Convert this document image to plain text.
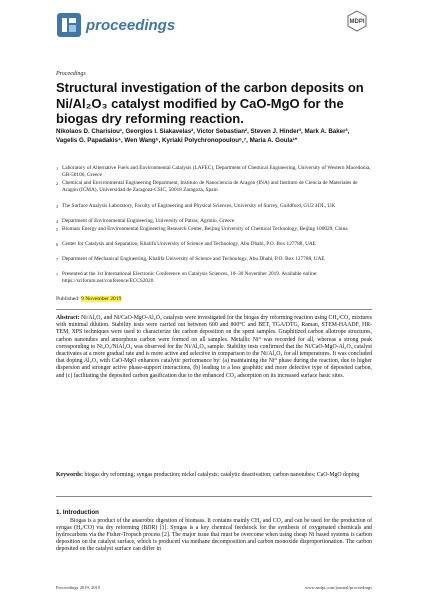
proceedings	MDPI
Proceedings
Structural investigation of the carbon deposits on Ni/Al₂O₃ catalyst modified by CaO-MgO for the biogas dry reforming reaction.
Nikolaos D. Charisiou¹, Georgios I. Siakavelas², Victor Sebastian², Steven J. Hinder³, Mark A. Baker³, Vagelis G. Papadakis⁴, Wen Wang⁵, Kyriaki Polychronopoulou⁶,⁷, Maria A. Goula¹*
1 Laboratory of Alternative Fuels and Environmental Catalysis (LAFEC), Department of Chemical Engineering, University of Western Macedonia, GR-50100, Greece
2 Chemical and Environmental Engineering Department, Instituto de Nanociencia de Aragón (INA) and Instituto de Ciencia de Materiales de Aragón (ICMA), Universidad de Zaragoza-CSIC, 50018 Zaragoza, Spain
3 The Surface Analysis Laboratory, Faculty of Engineering and Physical Sciences, University of Surrey, Guildford, GU2 4DL, UK
4 Department of Environmental Engineering, University of Patras, Agrinio, Greece
5 Biomass Energy and Environmental Engineering Research Center, Beijing University of Chemical Technology, Beijing 100029, China
6 Center for Catalysis and Separation, Khalifa University of Science and Technology, Abu Dhabi, P.O. Box 127788, UAE
7 Department of Mechanical Engineering, Khalifa University of Science and Technology, Abu Dhabi, P.O. Box 127788, UAE
† Presented at the 1st International Electronic Conference on Catalysis Sciences, 10–30 November 2019. Available online: https://sciforum.net/conference/ECCS2020
Published: 9 November 2019
Abstract: Ni/Al₂O₃ and Ni/CaO-MgO-Al₂O₃ catalysts were investigated for the biogas dry reforming reaction using CH₄/CO₂ mixtures with minimal dilution. Stability tests were carried out between 600 and 800°C and BET, TGA/DTG, Raman, STEM-HAADF, HR-TEM, XPS techniques were used to characterize the carbon deposition on the spent samples. Graphitized carbon allotrope structures, carbon nanotubes and amorphous carbon were formed on all samples. Metallic Ni⁰ was recorded for all, whereas a strong peak corresponding to Ni₂O₃/NiAl₂O₄ was observed for the Ni/Al₂O₃ sample. Stability tests confirmed that the Ni/CaO-MgO-Al₂O₃ catalyst deactivates at a more gradual rate and is more active and selective in comparison to the Ni/Al₂O₃ for all temperatures. It was concluded that doping Al₂O₃ with CaO-MgO enhances catalytic performance by: (a) maintaining the Ni⁰ phase during the reaction, due to higher dispersion and stronger active phase-support interactions, (b) leading to a less graphitic and more defective type of deposited carbon, and (c) facilitating the deposited carbon gasification due to the enhanced CO₂ adsorption on its increased surface basic sites.
Keywords: biogas dry reforming; syngas production; nickel catalysts; catalytic deactivation; carbon nanotubes; CaO-MgO doping
1. Introduction
Biogas is a product of the anaerobic digestion of biomass. It contains mainly CH₄ and CO₂ and can be used for the production of syngas (H₂/CO) via dry reforming (BDR) [1]. Syngas is a key chemical feedstock for the synthesis of oxygenated chemicals and hydrocarbons via the Fisher-Tropsch process [2]. The major issue that must be overcome when using cheap Ni based systems is carbon deposition on the catalyst surface, which is produced via methane decomposition and carbon monoxide disproportionation. The carbon deposited on the catalyst surface can differ in
Proceedings 2019, 2019	www.mdpi.com/journal/proceedings
